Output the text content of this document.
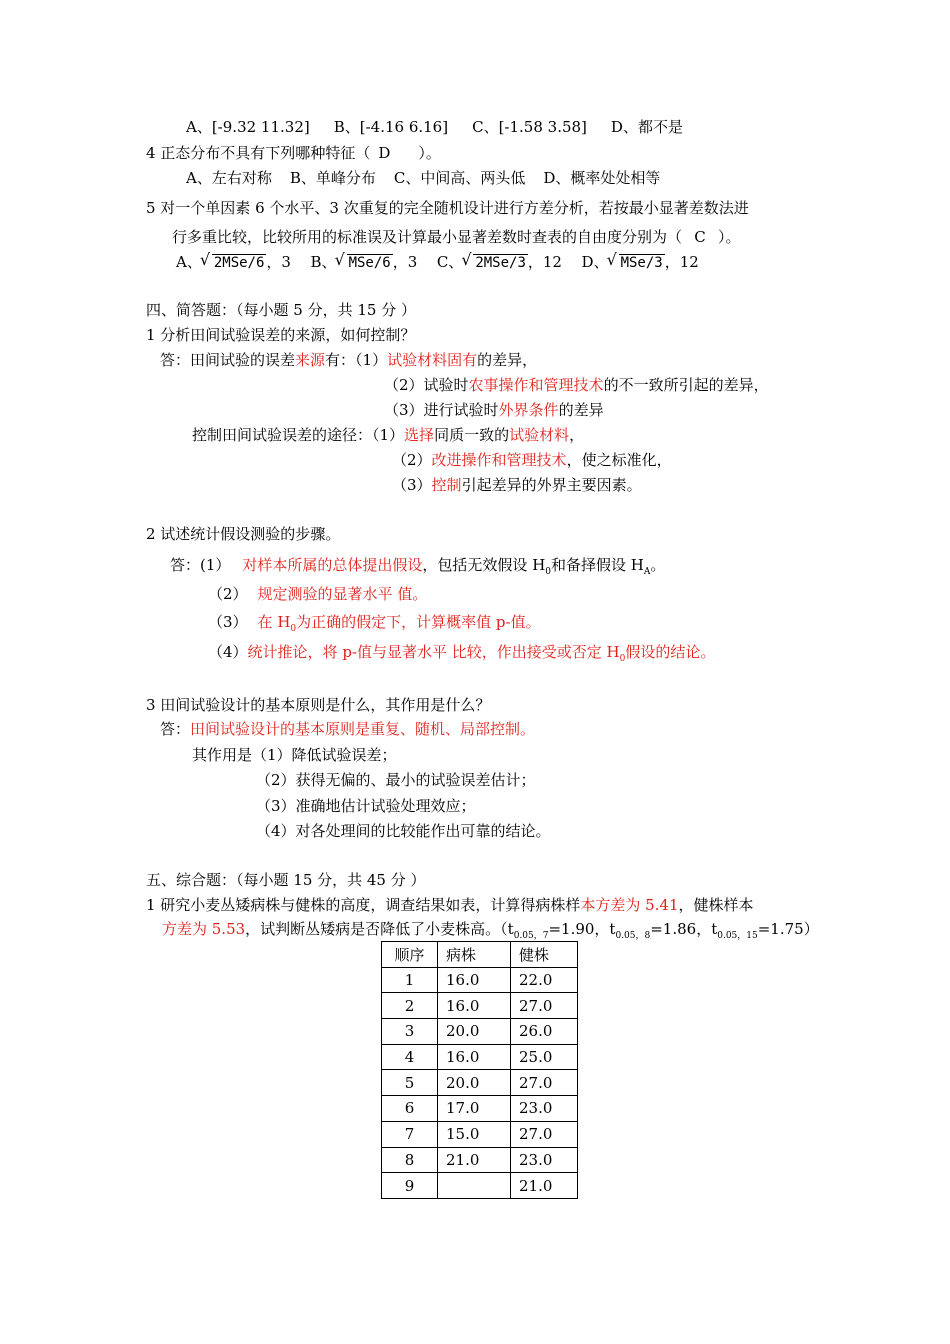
A、[-9.32 11.32] B、[-4.16 6.16] C、[-1.58 3.58] D、都不是
4 正态分布不具有下列哪种特征（ D ）。
A、左右对称 B、单峰分布 C、中间高、两头低 D、概率处处相等
5 对一个单因素 6 个水平、3 次重复的完全随机设计进行方差分析，若按最小显著差数法进
行多重比较，比较所用的标准误及计算最小显著差数时查表的自由度分别为（ C ）。
A、 √ 2MSe/6 ，3 B、 √ MSe/6 ，3 C、 √ 2MSe/3 ，12 D、 √ MSe/3 ，12
四、简答题：（每小题 5 分，共 15 分 ）
1 分析田间试验误差的来源，如何控制？
答：田间试验的误差来源有：（1）试验材料固有的差异，
（2）试验时农事操作和管理技术的不一致所引起的差异，
（3）进行试验时外界条件的差异
控制田间试验误差的途径：（1）选择同质一致的试验材料，
（2）改进操作和管理技术，使之标准化，
（3）控制引起差异的外界主要因素。
2 试述统计假设测验的步骤。
答：(1） 对样本所属的总体提出假设，包括无效假设 $H_0$和备择假设 $H_A$。
（2） 规定测验的显著水平 值。
（3） 在 $H_0$为正确的假定下，计算概率值 p-值。
（4）统计推论，将 p-值与显著水平 比较，作出接受或否定 $H_0$假设的结论。
3 田间试验设计的基本原则是什么，其作用是什么？
答：田间试验设计的基本原则是重复、随机、局部控制。
其作用是（1）降低试验误差；
（2）获得无偏的、最小的试验误差估计；
（3）准确地估计试验处理效应；
（4）对各处理间的比较能作出可靠的结论。
五、综合题：（每小题 15 分，共 45 分 ）
1 研究小麦丛矮病株与健株的高度，调查结果如表，计算得病株样本方差为 5.41，健株样本
方差为 5.53，试判断丛矮病是否降低了小麦株高。（$t_{0.05,7}=1.90$，$t_{0.05,8}=1.86$，$t_{0.05,15}=1.75$）
顺序	病株	健株
1	16.0	22.0
2	16.0	27.0
3	20.0	26.0
4	16.0	25.0
5	20.0	27.0
6	17.0	23.0
7	15.0	27.0
8	21.0	23.0
9		21.0
